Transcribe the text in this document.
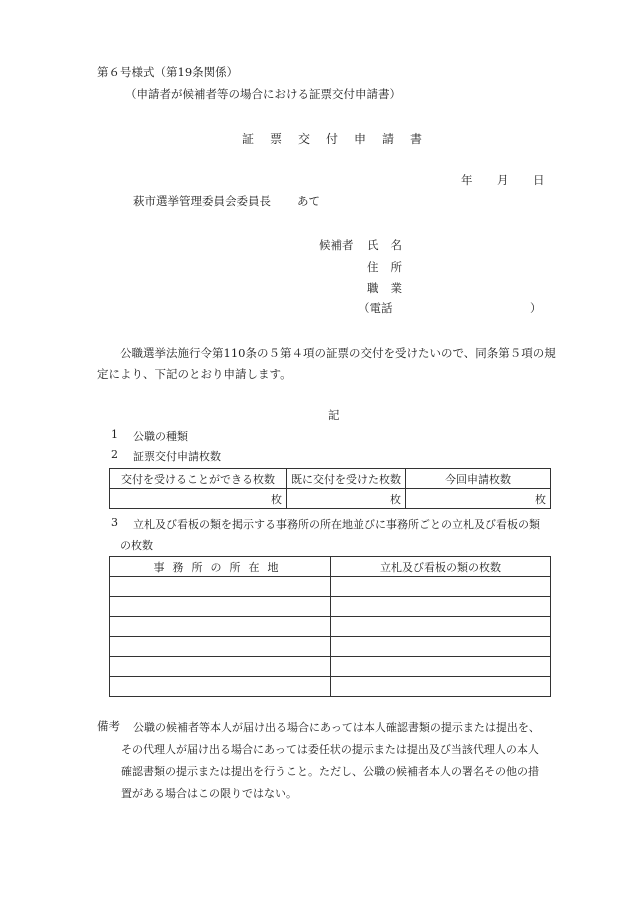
第６号様式（第19条関係）
（申請者が候補者等の場合における証票交付申請書）
証票交付申請書
年 月 日
萩市選挙管理委員会委員長 あて
候補者 氏名
住所
職業
（電話	）
公職選挙法施行令第110条の５第４項の証票の交付を受けたいので、同条第５項の規
定により、下記のとおり申請します。
記
1 公職の種類
2 証票交付申請枚数
交付を受けることができる枚数	既に交付を受けた枚数	今回申請枚数
枚	枚	枚
3 立札及び看板の類を掲示する事務所の所在地並びに事務所ごとの立札及び看板の類
の枚数
事務所の所在地	立札及び看板の類の枚数

備考 公職の候補者等本人が届け出る場合にあっては本人確認書類の提示または提出を、
その代理人が届け出る場合にあっては委任状の提示または提出及び当該代理人の本人
確認書類の提示または提出を行うこと。ただし、公職の候補者本人の署名その他の措
置がある場合はこの限りではない。
